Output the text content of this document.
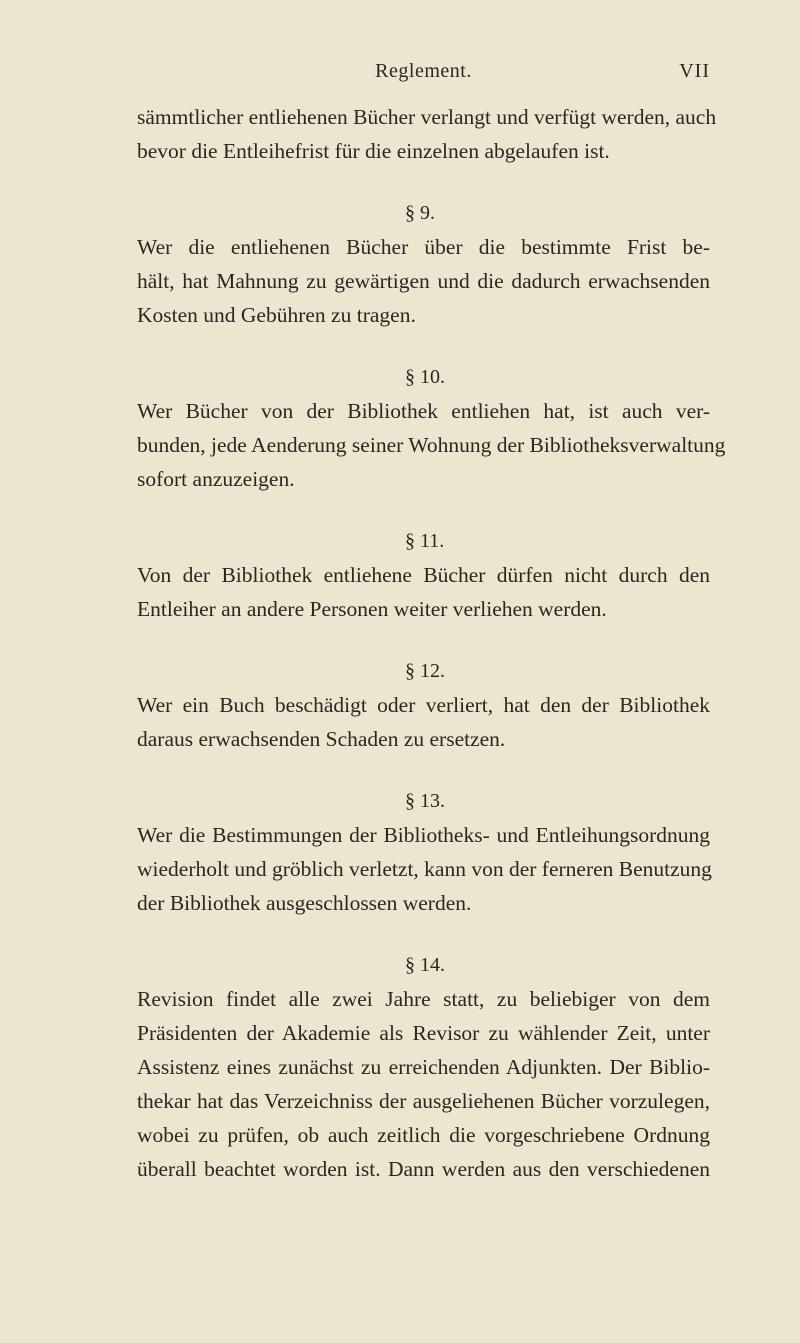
Reglement.	VII
sämmtlicher entliehenen Bücher verlangt und verfügt werden, auch
bevor die Entleihefrist für die einzelnen abgelaufen ist.
§ 9.
Wer die entliehenen Bücher über die bestimmte Frist be-
hält, hat Mahnung zu gewärtigen und die dadurch erwachsenden
Kosten und Gebühren zu tragen.
§ 10.
Wer Bücher von der Bibliothek entliehen hat, ist auch ver-
bunden, jede Aenderung seiner Wohnung der Bibliotheksverwaltung
sofort anzuzeigen.
§ 11.
Von der Bibliothek entliehene Bücher dürfen nicht durch den
Entleiher an andere Personen weiter verliehen werden.
§ 12.
Wer ein Buch beschädigt oder verliert, hat den der Bibliothek
daraus erwachsenden Schaden zu ersetzen.
§ 13.
Wer die Bestimmungen der Bibliotheks- und Entleihungsordnung
wiederholt und gröblich verletzt, kann von der ferneren Benutzung
der Bibliothek ausgeschlossen werden.
§ 14.
Revision findet alle zwei Jahre statt, zu beliebiger von dem
Präsidenten der Akademie als Revisor zu wählender Zeit, unter
Assistenz eines zunächst zu erreichenden Adjunkten. Der Biblio-
thekar hat das Verzeichniss der ausgeliehenen Bücher vorzulegen,
wobei zu prüfen, ob auch zeitlich die vorgeschriebene Ordnung
überall beachtet worden ist. Dann werden aus den verschiedenen
